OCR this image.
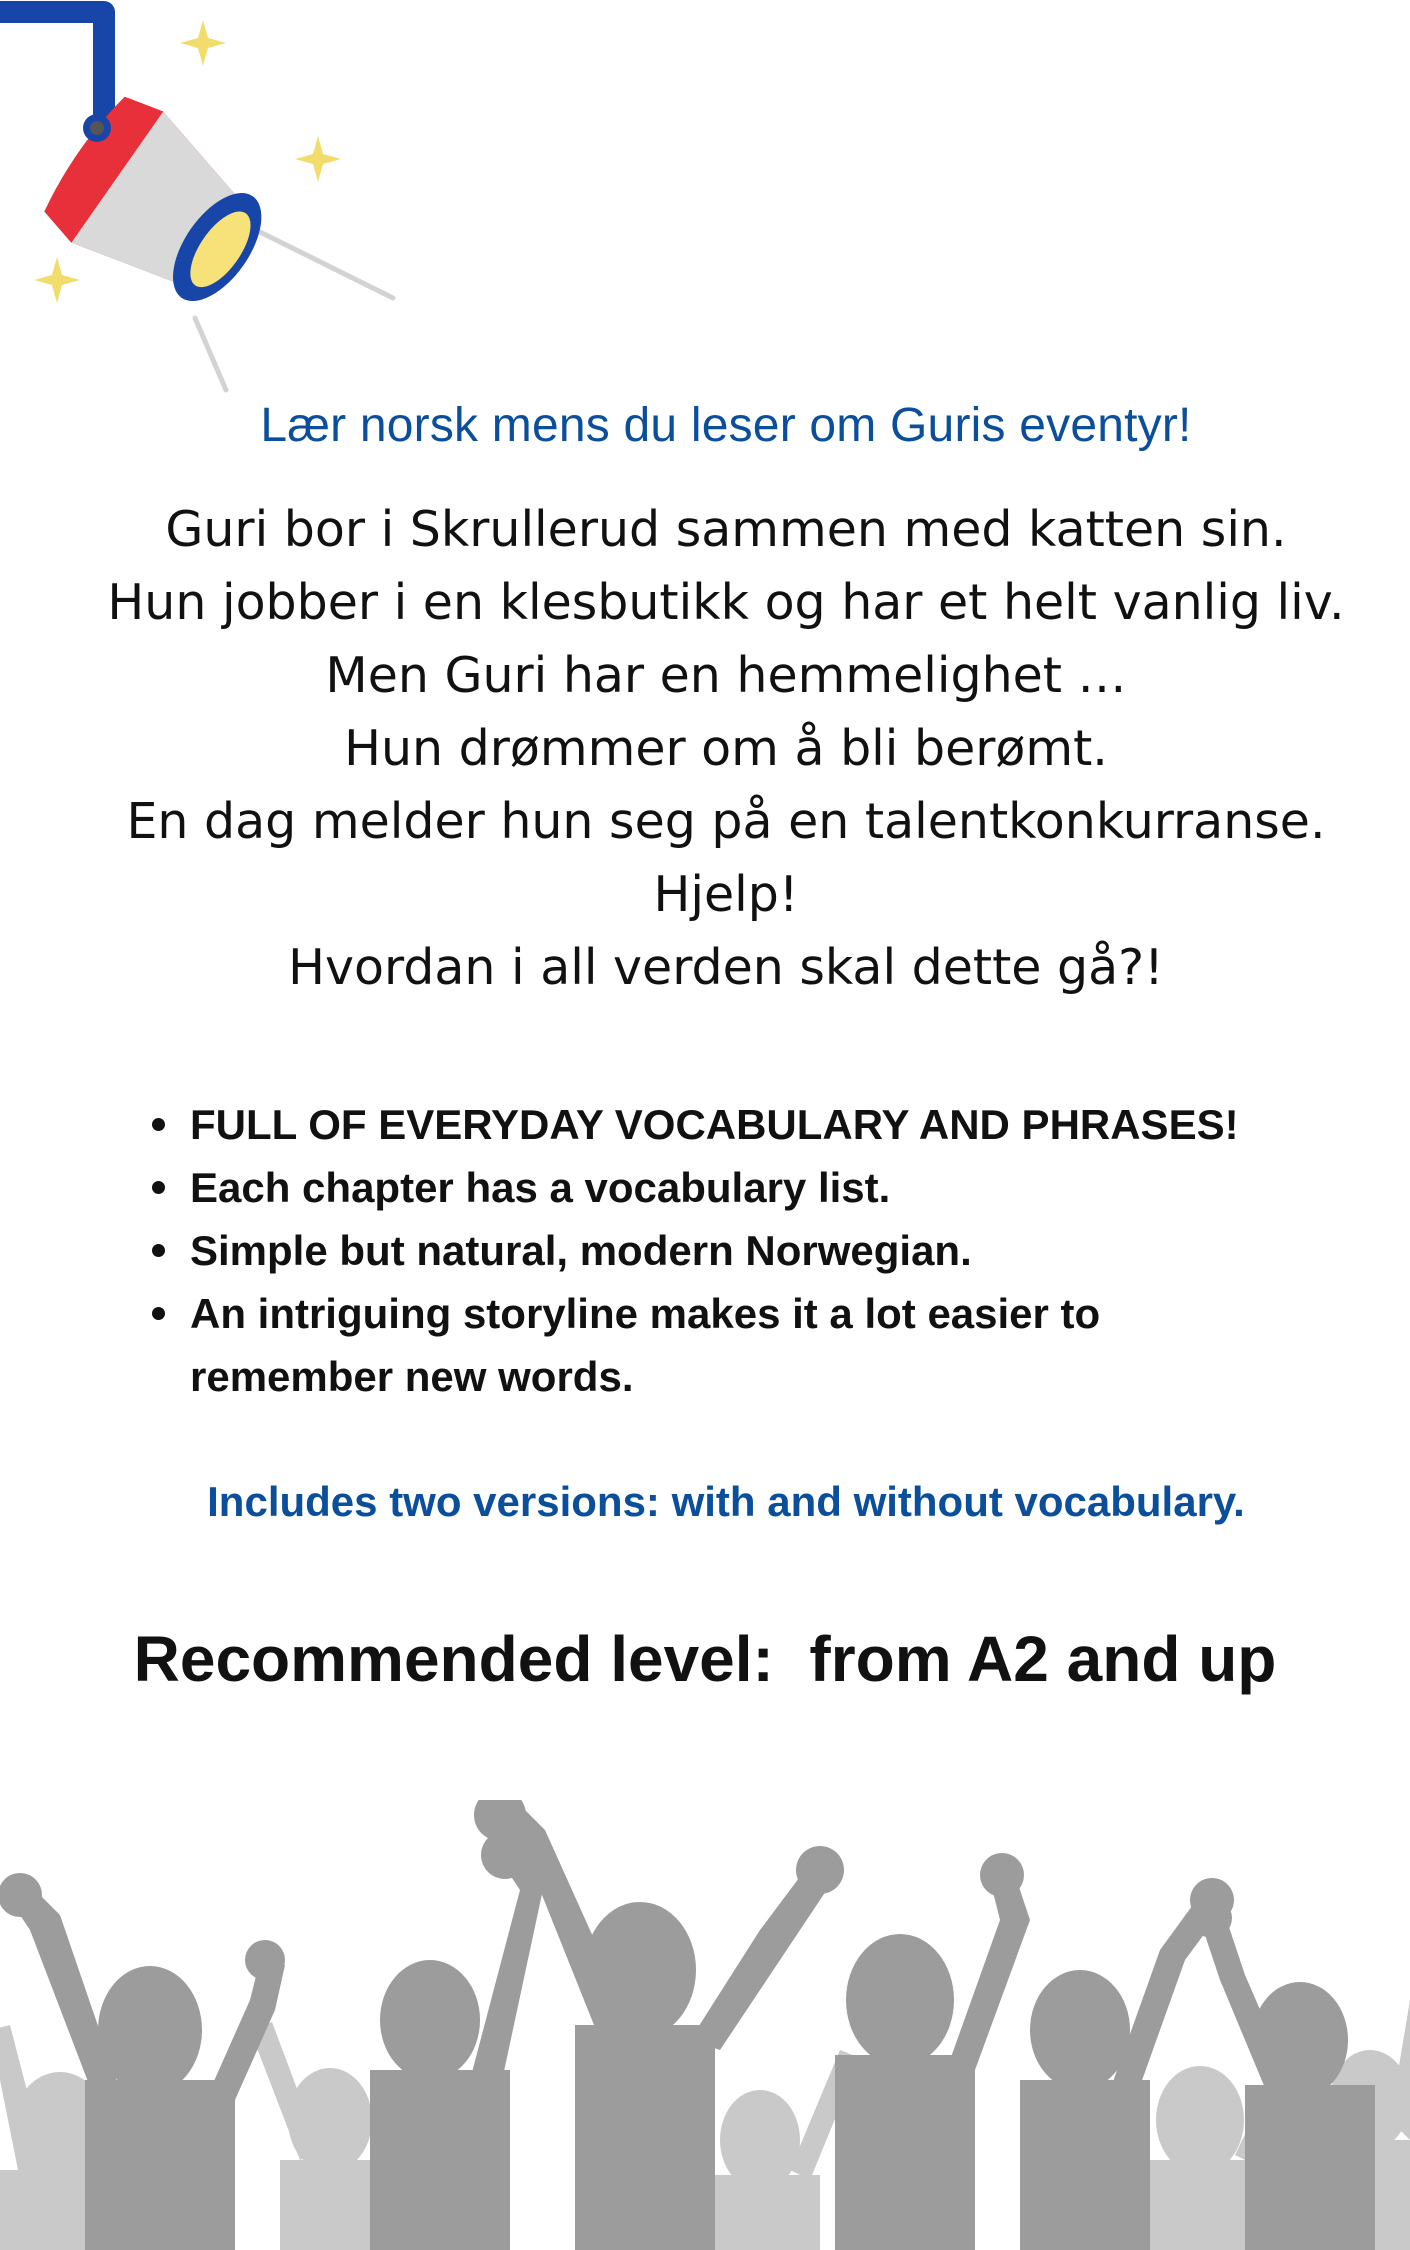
Lær norsk mens du leser om Guris eventyr!
Guri bor i Skrullerud sammen med katten sin.
Hun jobber i en klesbutikk og har et helt vanlig liv.
Men Guri har en hemmelighet …
Hun drømmer om å bli berømt.
En dag melder hun seg på en talentkonkurranse.
Hjelp!
Hvordan i all verden skal dette gå?!
FULL OF EVERYDAY VOCABULARY AND PHRASES!
Each chapter has a vocabulary list.
Simple but natural, modern Norwegian.
An intriguing storyline makes it a lot easier to remember new words.

Includes two versions: with and without vocabulary.

Recommended level:  from A2 and up
